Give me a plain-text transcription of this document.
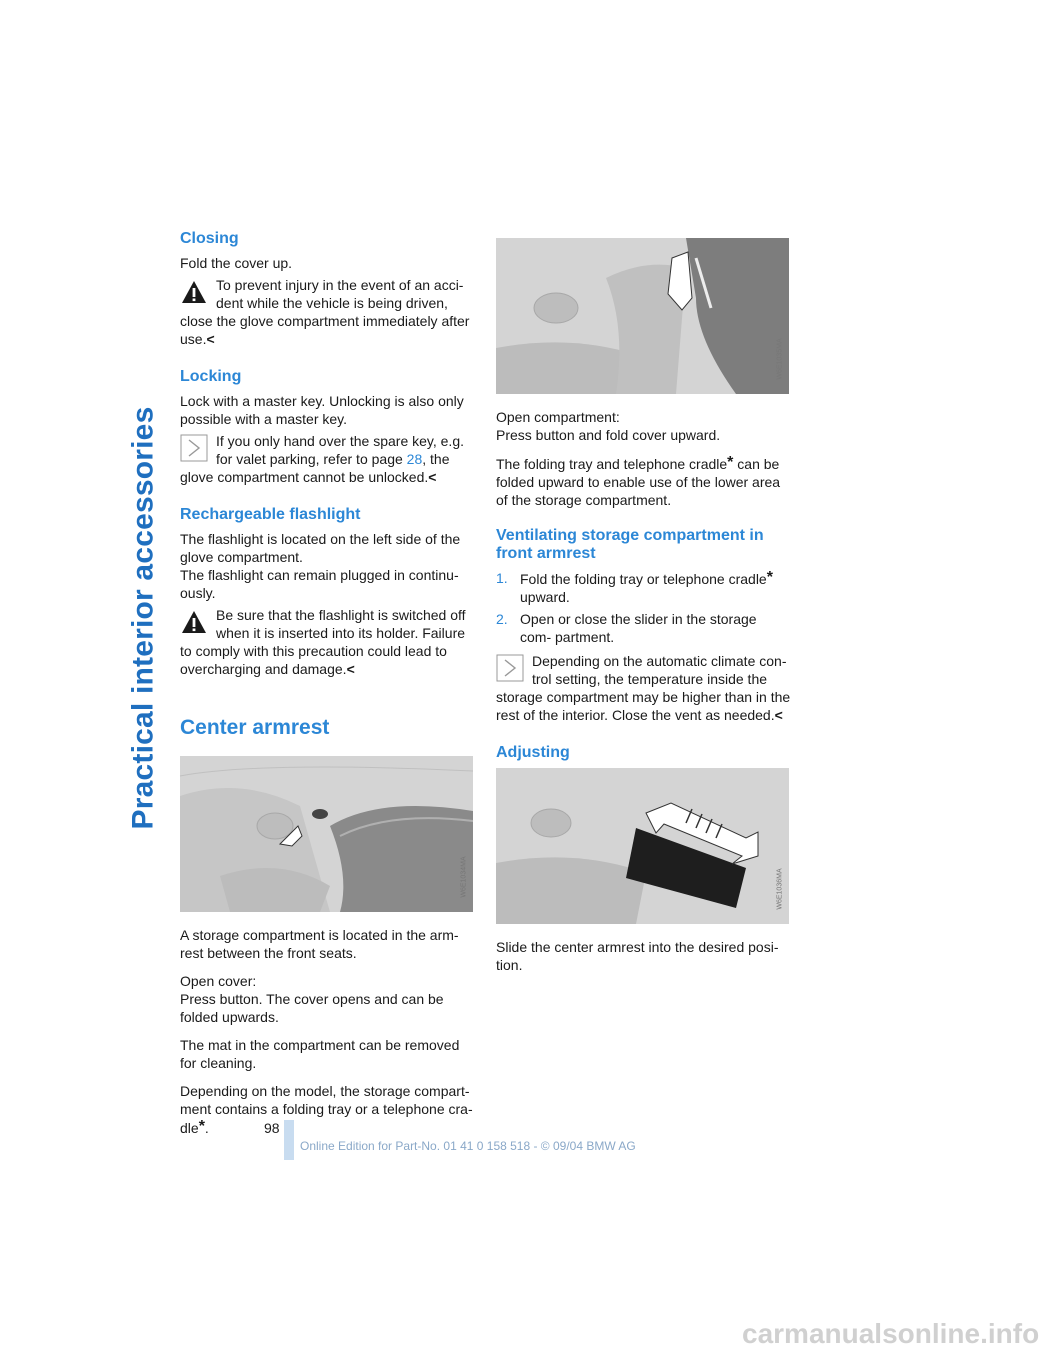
Practical interior accessories
Closing

Fold the cover up.

To prevent injury in the event of an acci-
dent while the vehicle is being driven,
close the glove compartment immediately after use.<
Locking

Lock with a master key. Unlocking is also only possible with a master key.

If you only hand over the spare key, e.g.
for valet parking, refer to page 28, the
glove compartment cannot be unlocked.<
Rechargeable flashlight

The flashlight is located on the left side of the glove compartment.

The flashlight can remain plugged in continu- ously.

Be sure that the flashlight is switched off
when it is inserted into its holder. Failure
to comply with this precaution could lead to overcharging and damage.<
Center armrest
W6E1034MA

A storage compartment is located in the arm- rest between the front seats.

Open cover:

Press button. The cover opens and can be folded upwards.

The mat in the compartment can be removed for cleaning.

Depending on the model, the storage compart- ment contains a folding tray or a telephone cra- dle*.

W6E1035MA

Open compartment:

Press button and fold cover upward.

The folding tray and telephone cradle* can be folded upward to enable use of the lower area of the storage compartment.

Ventilating storage compartment in front armrest
1. Fold the folding tray or telephone cradle* upward.
2. Open or close the slider in the storage com- partment.
Depending on the automatic climate con-
trol setting, the temperature inside the
storage compartment may be higher than in the rest of the interior. Close the vent as needed.<
Adjusting
W6E1036MA

Slide the center armrest into the desired posi- tion.

98
Online Edition for Part-No. 01 41 0 158 518 - © 09/04 BMW AG
carmanualsonline.info
